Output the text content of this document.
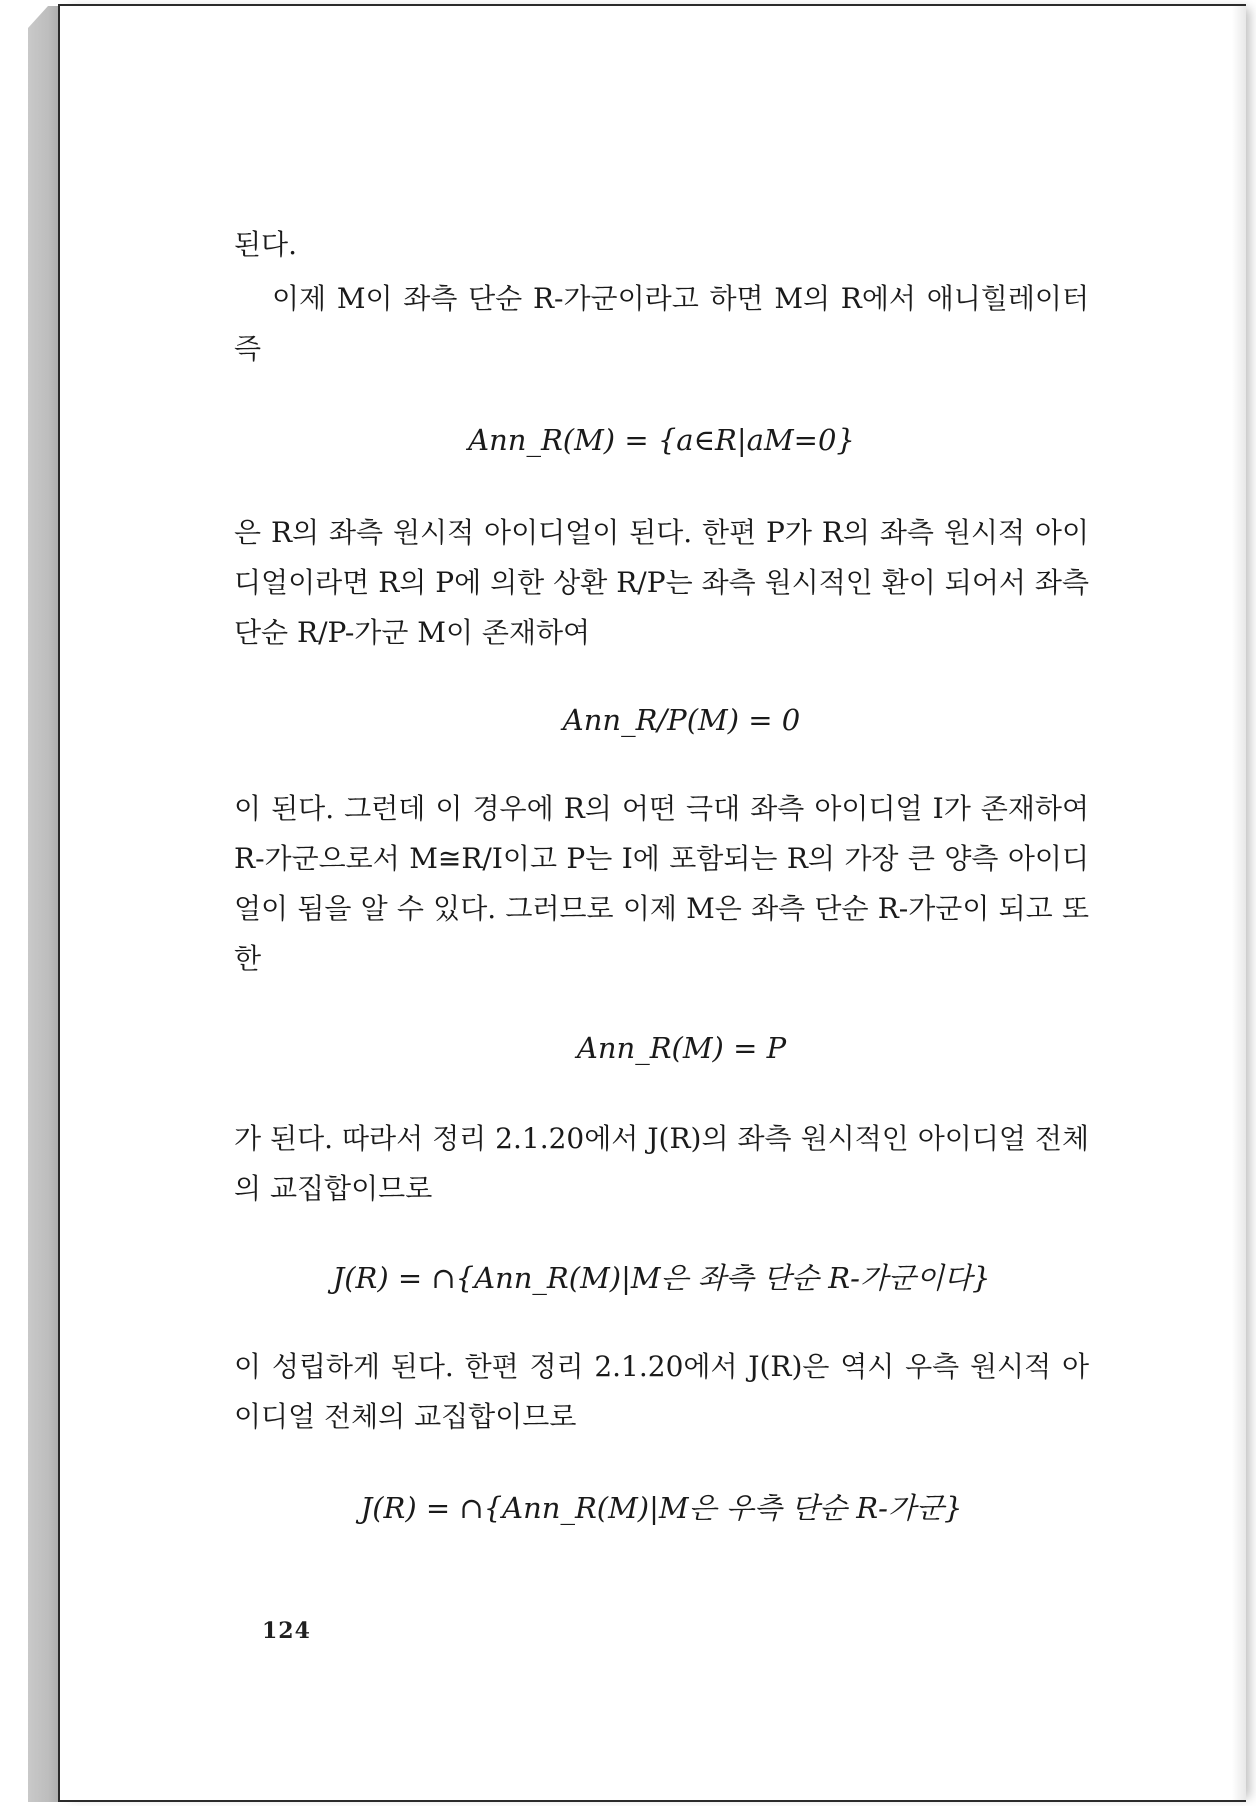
된다.

이제 M이 좌측 단순 R-가군이라고 하면 M의 R에서 애니힐레이터 즉

Ann_R(M) = {a∈R|aM=0}

은 R의 좌측 원시적 아이디얼이 된다. 한편 P가 R의 좌측 원시적 아이디얼이라면 R의 P에 의한 상환 R/P는 좌측 원시적인 환이 되어서 좌측 단순 R/P-가군 M이 존재하여

Ann_R/P(M) = 0

이 된다. 그런데 이 경우에 R의 어떤 극대 좌측 아이디얼 I가 존재하여 R-가군으로서 M≅R/I이고 P는 I에 포함되는 R의 가장 큰 양측 아이디얼이 됨을 알 수 있다. 그러므로 이제 M은 좌측 단순 R-가군이 되고 또한

Ann_R(M) = P

가 된다. 따라서 정리 2.1.20에서 J(R)의 좌측 원시적인 아이디얼 전체의 교집합이므로

J(R) = ∩{Ann_R(M)|M은 좌측 단순 R-가군이다}

이 성립하게 된다. 한편 정리 2.1.20에서 J(R)은 역시 우측 원시적 아이디얼 전체의 교집합이므로

J(R) = ∩{Ann_R(M)|M은 우측 단순 R-가군}
124
